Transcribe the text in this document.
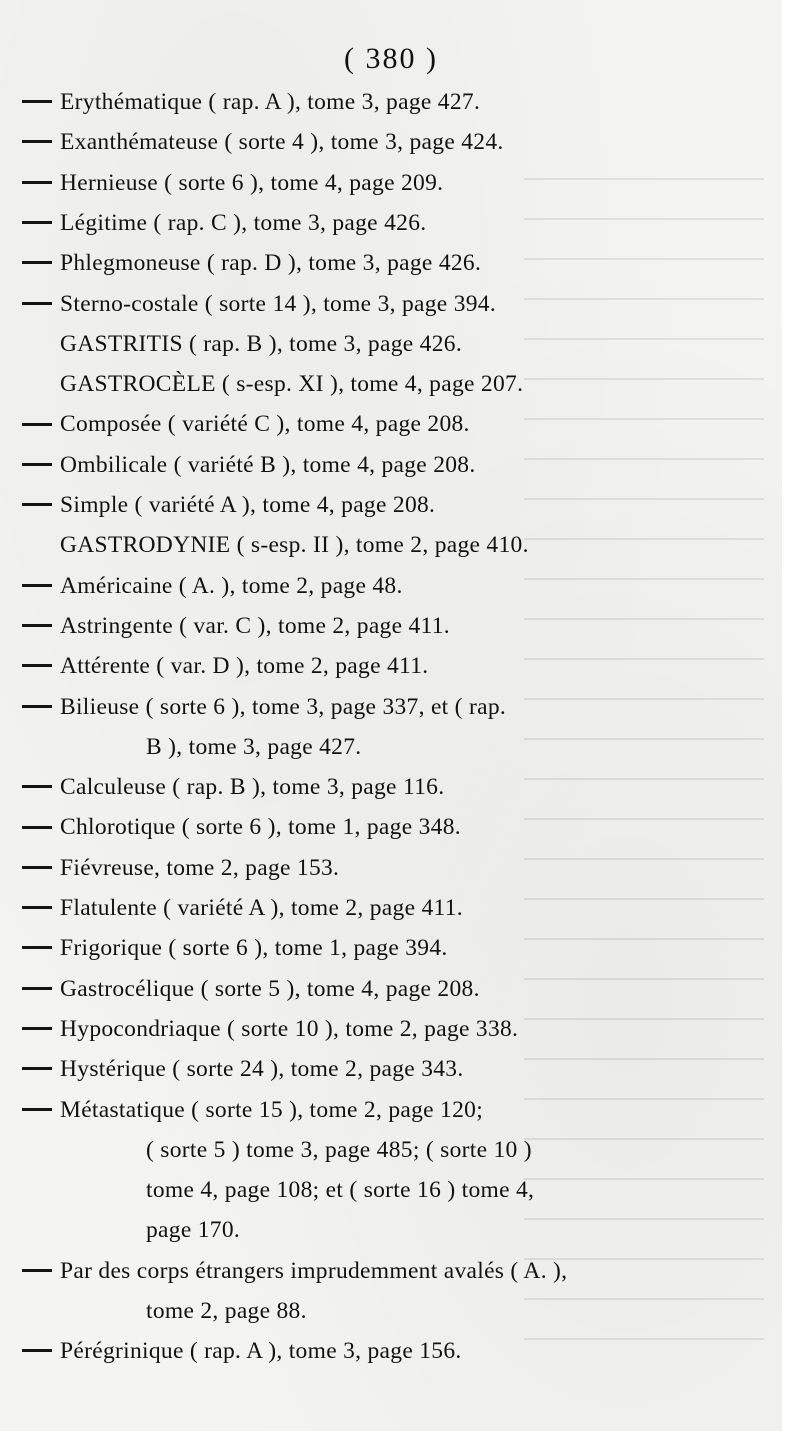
( 380 )
Erythématique ( rap. A ), tome 3, page 427.
Exanthémateuse ( sorte 4 ), tome 3, page 424.
Hernieuse ( sorte 6 ), tome 4, page 209.
Légitime ( rap. C ), tome 3, page 426.
Phlegmoneuse ( rap. D ), tome 3, page 426.
Sternо-costale ( sorte 14 ), tome 3, page 394.
GASTRITIS ( rap. B ), tome 3, page 426.
GASTROCÈLE ( s-esp. XI ), tome 4, page 207.
Composée ( variété C ), tome 4, page 208.
Ombilicale ( variété B ), tome 4, page 208.
Simple ( variété A ), tome 4, page 208.
GASTRODYNIE ( s-esp. II ), tome 2, page 410.
Américaine ( A. ), tome 2, page 48.
Astringente ( var. C ), tome 2, page 411.
Attérente ( var. D ), tome 2, page 411.
Bilieuse ( sorte 6 ), tome 3, page 337, et ( rap.
B ), tome 3, page 427.
Calculeuse ( rap. B ), tome 3, page 116.
Chlorotique ( sorte 6 ), tome 1, page 348.
Fiévreuse, tome 2, page 153.
Flatulente ( variété A ), tome 2, page 411.
Frigorique ( sorte 6 ), tome 1, page 394.
Gastrocélique ( sorte 5 ), tome 4, page 208.
Hypocondriaque ( sorte 10 ), tome 2, page 338.
Hystérique ( sorte 24 ), tome 2, page 343.
Métastatique ( sorte 15 ), tome 2, page 120;
( sorte 5 ) tome 3, page 485; ( sorte 10 )
tome 4, page 108; et ( sorte 16 ) tome 4,
page 170.
Par des corps étrangers imprudemment avalés ( A. ),
tome 2, page 88.
Pérégrinique ( rap. A ), tome 3, page 156.
